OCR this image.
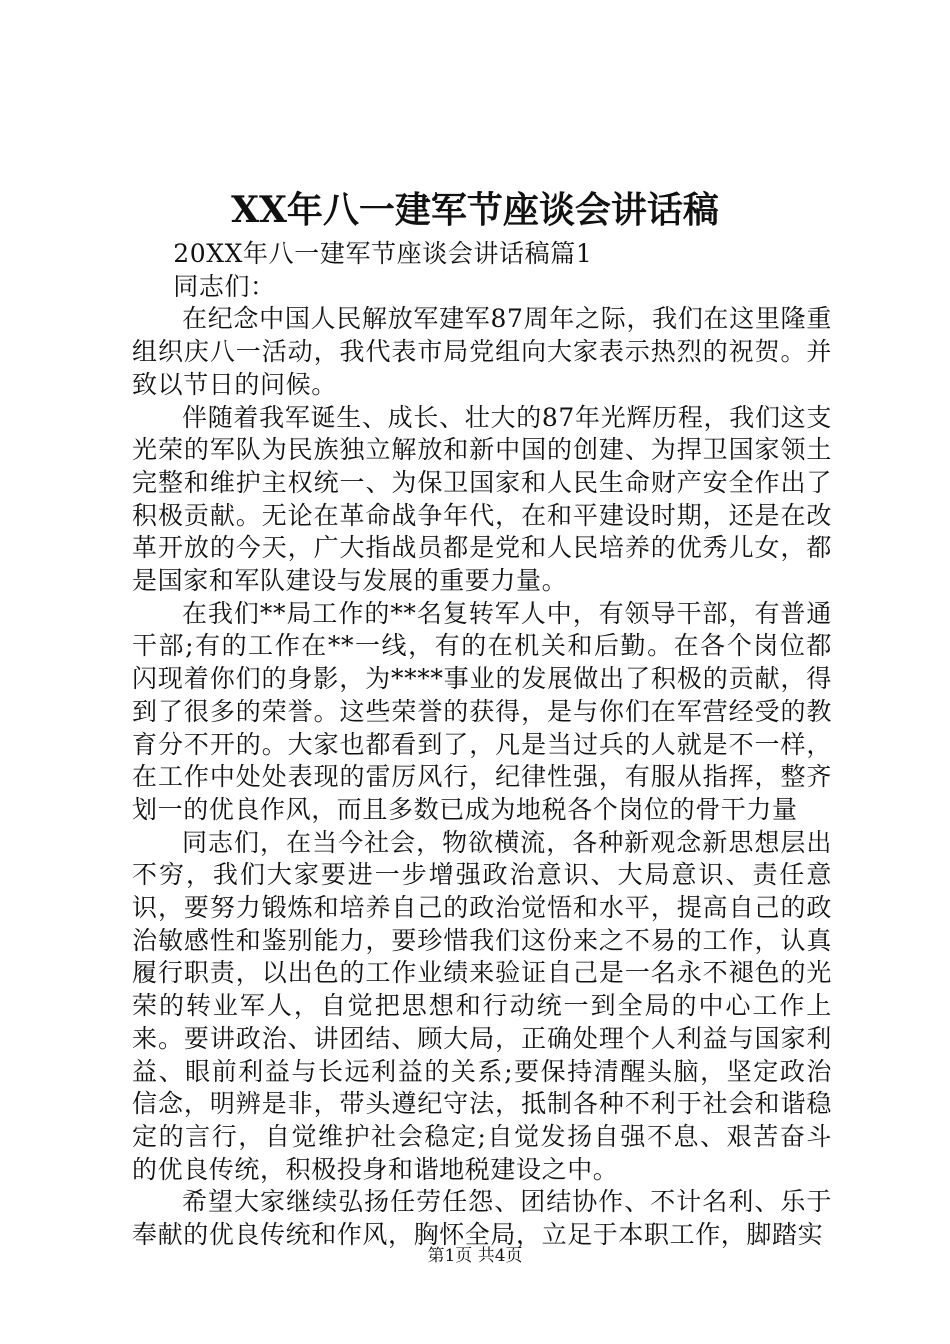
XX年八一建军节座谈会讲话稿

20XX年八一建军节座谈会讲话稿篇1

同志们：

在纪念中国人民解放军建军87周年之际，我们在这里隆重组织庆八一活动，我代表市局党组向大家表示热烈的祝贺。并致以节日的问候。

伴随着我军诞生、成长、壮大的87年光辉历程，我们这支光荣的军队为民族独立解放和新中国的创建、为捍卫国家领土完整和维护主权统一、为保卫国家和人民生命财产安全作出了积极贡献。无论在革命战争年代，在和平建设时期，还是在改革开放的今天，广大指战员都是党和人民培养的优秀儿女，都是国家和军队建设与发展的重要力量。

在我们**局工作的**名复转军人中，有领导干部，有普通干部;有的工作在**一线，有的在机关和后勤。在各个岗位都闪现着你们的身影，为****事业的发展做出了积极的贡献，得到了很多的荣誉。这些荣誉的获得，是与你们在军营经受的教育分不开的。大家也都看到了，凡是当过兵的人就是不一样，在工作中处处表现的雷厉风行，纪律性强，有服从指挥，整齐划一的优良作风，而且多数已成为地税各个岗位的骨干力量

同志们，在当今社会，物欲横流，各种新观念新思想层出不穷，我们大家要进一步增强政治意识、大局意识、责任意识，要努力锻炼和培养自己的政治觉悟和水平，提高自己的政治敏感性和鉴别能力，要珍惜我们这份来之不易的工作，认真履行职责，以出色的工作业绩来验证自己是一名永不褪色的光荣的转业军人，自觉把思想和行动统一到全局的中心工作上来。要讲政治、讲团结、顾大局，正确处理个人利益与国家利益、眼前利益与长远利益的关系;要保持清醒头脑，坚定政治信念，明辨是非，带头遵纪守法，抵制各种不利于社会和谐稳定的言行，自觉维护社会稳定;自觉发扬自强不息、艰苦奋斗的优良传统，积极投身和谐地税建设之中。

希望大家继续弘扬任劳任怨、团结协作、不计名利、乐于奉献的优良传统和作风，胸怀全局，立足于本职工作，脚踏实

第1页 共4页
